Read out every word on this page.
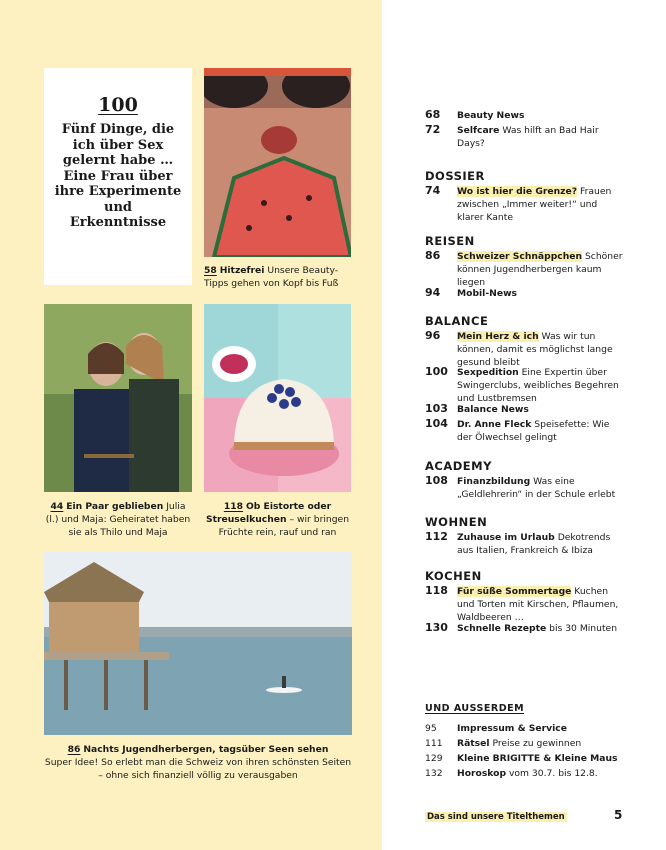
100
Fünf Dinge, die ich über Sex gelernt habe … Eine Frau über ihre Experimente und Erkenntnisse
58 Hitzefrei Unsere Beauty-Tipps gehen von Kopf bis Fuß
44 Ein Paar geblieben Julia (l.) und Maja: Geheiratet haben sie als Thilo und Maja
118 Ob Eistorte oder Streuselkuchen – wir bringen Früchte rein, rauf und ran
86 Nachts Jugendherbergen, tagsüber Seen sehen
Super Idee! So erlebt man die Schweiz von ihren schönsten Seiten – ohne sich finanziell völlig zu verausgaben
68 Beauty News
72 Selfcare Was hilft an Bad Hair Days?
DOSSIER
74 Wo ist hier die Grenze? Frauen zwischen „Immer weiter!“ und klarer Kante
REISEN
86 Schweizer Schnäppchen Schöner können Jugendherbergen kaum liegen
94 Mobil-News
BALANCE
96 Mein Herz & ich Was wir tun können, damit es möglichst lange gesund bleibt
100 Sexpedition Eine Expertin über Swingerclubs, weibliches Begehren und Lustbremsen
103 Balance News
104 Dr. Anne Fleck Speisefette: Wie der Ölwechsel gelingt
ACADEMY
108 Finanzbildung Was eine „Geldlehrerin“ in der Schule erlebt
WOHNEN
112 Zuhause im Urlaub Dekotrends aus Italien, Frankreich & Ibiza
KOCHEN
118 Für süße Sommertage Kuchen und Torten mit Kirschen, Pflaumen, Waldbeeren …
130 Schnelle Rezepte bis 30 Minuten
UND AUSSERDEM
95 Impressum & Service
111 Rätsel Preise zu gewinnen
129 Kleine BRIGITTE & Kleine Maus
132 Horoskop vom 30.7. bis 12.8.
Das sind unsere Titelthemen	5
